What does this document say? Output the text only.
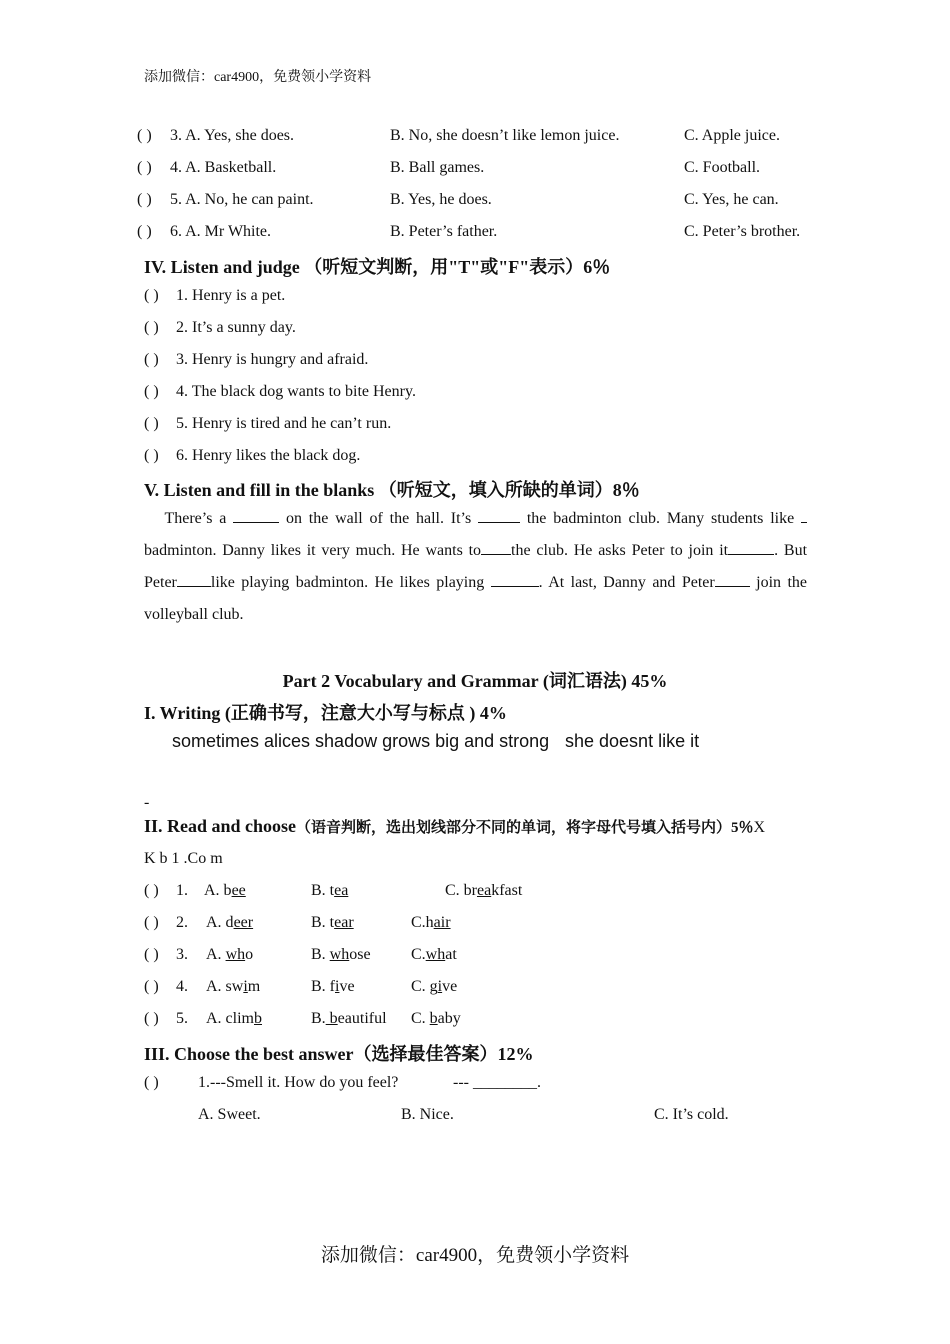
添加微信：car4900，免费领小学资料
( ) 3. A. Yes, she does.	B. No, she doesn’t like lemon juice.	C. Apple juice.
( ) 4. A. Basketball.	B. Ball games.	C. Football.
( ) 5. A. No, he can paint.	B. Yes, he does.	C. Yes, he can.
( ) 6. A. Mr White.	B. Peter’s father.	C. Peter’s brother.
IV. Listen and judge （听短文判断，用"T"或"F"表示）6％
( ) 1. Henry is a pet.
( ) 2. It’s a sunny day.
( ) 3. Henry is hungry and afraid.
( ) 4. The black dog wants to bite Henry.
( ) 5. Henry is tired and he can’t run.
( ) 6. Henry likes the black dog.
V. Listen and fill in the blanks （听短文，填入所缺的单词）8％
There’s a	on the wall of the hall. It’s	the badminton club. Many students like  badminton. Danny likes it very much. He wants to the club. He asks Peter to join it	. But Peter like playing badminton. He likes playing	. At last, Danny and Peter	join the volleyball club.
Part 2 Vocabulary and Grammar (词汇语法) 45%
I. Writing (正确书写，注意大小写与标点 ) 4%
sometimes alices shadow grows big and strong she doesnt like it
-
II. Read and choose（语音判断，选出划线部分不同的单词，将字母代号填入括号内）5％X
K b 1 .Co m
( ) 1. A. bee	B. tea	C. breakfast
( ) 2. A. deer	B. tear	C.hair
( ) 3. A. who	B. whose	C.what
( ) 4. A. swim	B. five	C. give
( ) 5. A. climb	B. beautiful C. baby
III. Choose the best answer（选择最佳答案）12%
( ) 1.---Smell it. How do you feel?	--- ________.
A. Sweet.	B. Nice.	C. It’s cold.
添加微信：car4900，免费领小学资料
